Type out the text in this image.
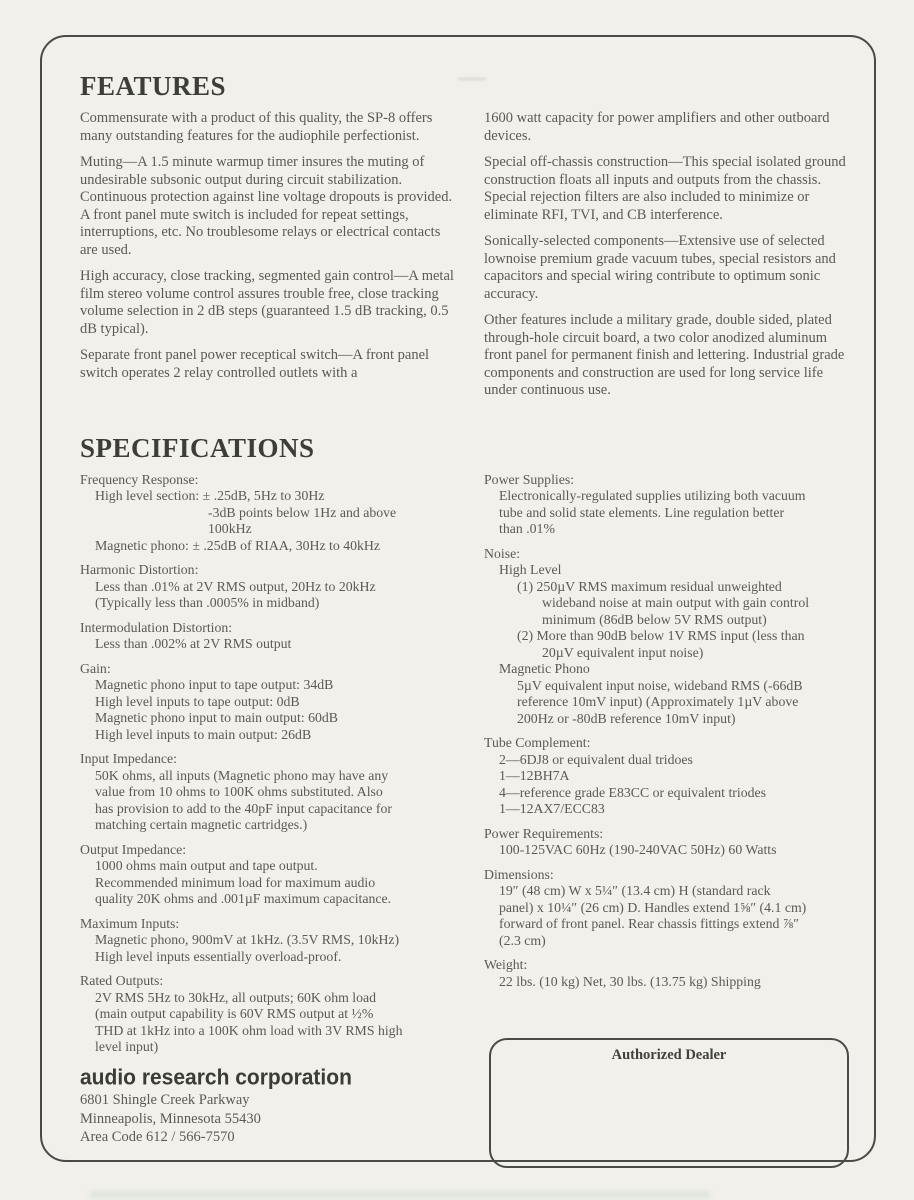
FEATURES

Commensurate with a product of this quality, the SP-8 offers many outstanding features for the audiophile perfectionist.

Muting—A 1.5 minute warmup timer insures the muting of undesirable subsonic output during circuit stabilization. Continuous protection against line voltage dropouts is provided. A front panel mute switch is included for repeat settings, interruptions, etc. No troublesome relays or electrical contacts are used.

High accuracy, close tracking, segmented gain control—A metal film stereo volume control assures trouble free, close tracking volume selection in 2 dB steps (guaranteed 1.5 dB tracking, 0.5 dB typical).

Separate front panel power receptical switch—A front panel switch operates 2 relay controlled outlets with a

1600 watt capacity for power amplifiers and other outboard devices.

Special off-chassis construction—This special isolated ground construction floats all inputs and outputs from the chassis. Special rejection filters are also included to minimize or eliminate RFI, TVI, and CB interference.

Sonically-selected components—Extensive use of selected lownoise premium grade vacuum tubes, special resistors and capacitors and special wiring contribute to optimum sonic accuracy.

Other features include a military grade, double sided, plated through-hole circuit board, a two color anodized aluminum front panel for permanent finish and lettering. Industrial grade components and construction are used for long service life under continuous use.

SPECIFICATIONS
Frequency Response:
High level section: ± .25dB, 5Hz to 30Hz
-3dB points below 1Hz and above
100kHz
Magnetic phono: ± .25dB of RIAA, 30Hz to 40kHz
Harmonic Distortion:
Less than .01% at 2V RMS output, 20Hz to 20kHz
(Typically less than .0005% in midband)
Intermodulation Distortion:
Less than .002% at 2V RMS output
Gain:
Magnetic phono input to tape output: 34dB
High level inputs to tape output: 0dB
Magnetic phono input to main output: 60dB
High level inputs to main output: 26dB
Input Impedance:
50K ohms, all inputs (Magnetic phono may have any
value from 10 ohms to 100K ohms substituted. Also
has provision to add to the 40pF input capacitance for
matching certain magnetic cartridges.)
Output Impedance:
1000 ohms main output and tape output.
Recommended minimum load for maximum audio
quality 20K ohms and .001µF maximum capacitance.
Maximum Inputs:
Magnetic phono, 900mV at 1kHz. (3.5V RMS, 10kHz)
High level inputs essentially overload-proof.
Rated Outputs:
2V RMS 5Hz to 30kHz, all outputs; 60K ohm load
(main output capability is 60V RMS output at ½%
THD at 1kHz into a 100K ohm load with 3V RMS high
level input)
audio research corporation
6801 Shingle Creek Parkway
Minneapolis, Minnesota 55430
Area Code 612 / 566-7570
Power Supplies:
Electronically-regulated supplies utilizing both vacuum
tube and solid state elements. Line regulation better
than .01%
Noise:
High Level
(1) 250µV RMS maximum residual unweighted
wideband noise at main output with gain control
minimum (86dB below 5V RMS output)
(2) More than 90dB below 1V RMS input (less than
20µV equivalent input noise)
Magnetic Phono
5µV equivalent input noise, wideband RMS (-66dB
reference 10mV input) (Approximately 1µV above
200Hz or -80dB reference 10mV input)
Tube Complement:
2—6DJ8 or equivalent dual tridoes
1—12BH7A
4—reference grade E83CC or equivalent triodes
1—12AX7/ECC83
Power Requirements:
100-125VAC 60Hz (190-240VAC 50Hz) 60 Watts
Dimensions:
19″ (48 cm) W x 5¼″ (13.4 cm) H (standard rack
panel) x 10¼″ (26 cm) D. Handles extend 1⅝″ (4.1 cm)
forward of front panel. Rear chassis fittings extend ⅞″
(2.3 cm)
Weight:
22 lbs. (10 kg) Net, 30 lbs. (13.75 kg) Shipping
Authorized Dealer
